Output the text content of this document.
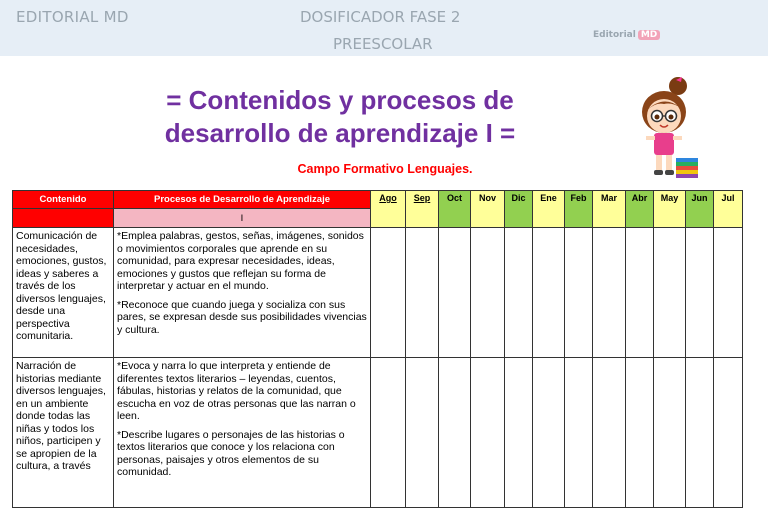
EDITORIAL MD	DOSIFICADOR FASE 2
PREESCOLAR	Editorial MD
= Contenidos y procesos de
desarrollo de aprendizaje I =
Campo Formativo Lenguajes.
Contenido	Procesos de Desarrollo de Aprendizaje	Ago	Sep	Oct	Nov	Dic	Ene	Feb	Mar	Abr	May	Jun	Jul
	I												
Comunicación de necesidades, emociones, gustos, ideas y saberes a través de los diversos lenguajes, desde una perspectiva comunitaria.	*Emplea palabras, gestos, señas, imágenes, sonidos o movimientos corporales que aprende en su comunidad, para expresar necesidades, ideas, emociones y gustos que reflejan su forma de interpretar y actuar en el mundo.

*Reconoce que cuando juega y socializa con sus pares, se expresan desde sus posibilidades vivencias y cultura.												

Narración de historias mediante diversos lenguajes, en un ambiente donde todas las niñas y todos los niños, participen y se apropien de la cultura, a través	*Evoca y narra lo que interpreta y entiende de diferentes textos literarios – leyendas, cuentos, fábulas, historias y relatos de la comunidad, que escucha en voz de otras personas que las narran o leen.

*Describe lugares o personajes de las historias o textos literarios que conoce y los relaciona con personas, paisajes y otros elementos de su comunidad.												
